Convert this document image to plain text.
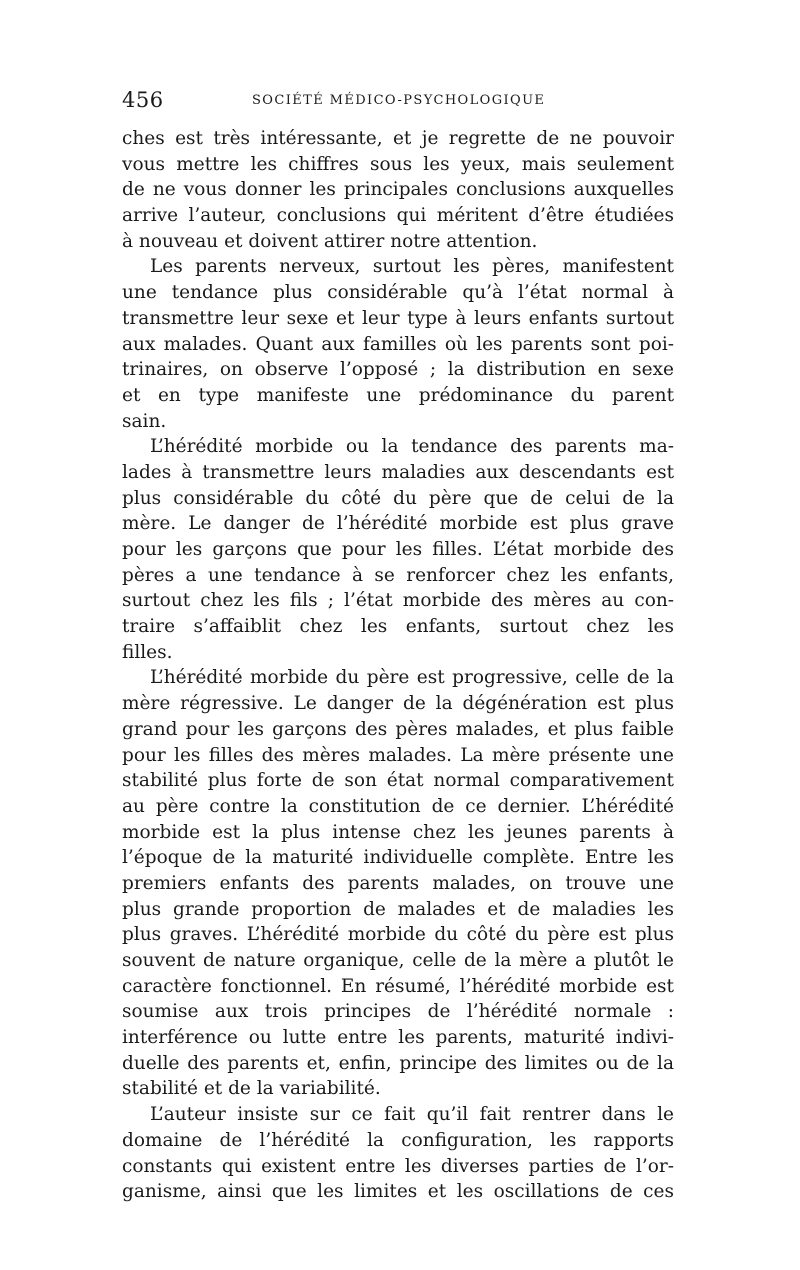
456	SOCIÉTÉ MÉDICO-PSYCHOLOGIQUE
ches est très intéressante, et je regrette de ne pouvoir
vous mettre les chiffres sous les yeux, mais seulement
de ne vous donner les principales conclusions auxquelles
arrive l’auteur, conclusions qui méritent d’être étudiées
à nouveau et doivent attirer notre attention.
Les parents nerveux, surtout les pères, manifestent
une tendance plus considérable qu’à l’état normal à
transmettre leur sexe et leur type à leurs enfants surtout
aux malades. Quant aux familles où les parents sont poi-
trinaires, on observe l’opposé ; la distribution en sexe
et en type manifeste une prédominance du parent
sain.
L’hérédité morbide ou la tendance des parents ma-
lades à transmettre leurs maladies aux descendants est
plus considérable du côté du père que de celui de la
mère. Le danger de l’hérédité morbide est plus grave
pour les garçons que pour les filles. L’état morbide des
pères a une tendance à se renforcer chez les enfants,
surtout chez les fils ; l’état morbide des mères au con-
traire s’affaiblit chez les enfants, surtout chez les
filles.
L’hérédité morbide du père est progressive, celle de la
mère régressive. Le danger de la dégénération est plus
grand pour les garçons des pères malades, et plus faible
pour les filles des mères malades. La mère présente une
stabilité plus forte de son état normal comparativement
au père contre la constitution de ce dernier. L’hérédité
morbide est la plus intense chez les jeunes parents à
l’époque de la maturité individuelle complète. Entre les
premiers enfants des parents malades, on trouve une
plus grande proportion de malades et de maladies les
plus graves. L’hérédité morbide du côté du père est plus
souvent de nature organique, celle de la mère a plutôt le
caractère fonctionnel. En résumé, l’hérédité morbide est
soumise aux trois principes de l’hérédité normale :
interférence ou lutte entre les parents, maturité indivi-
duelle des parents et, enfin, principe des limites ou de la
stabilité et de la variabilité.
L’auteur insiste sur ce fait qu’il fait rentrer dans le
domaine de l’hérédité la configuration, les rapports
constants qui existent entre les diverses parties de l’or-
ganisme, ainsi que les limites et les oscillations de ces
